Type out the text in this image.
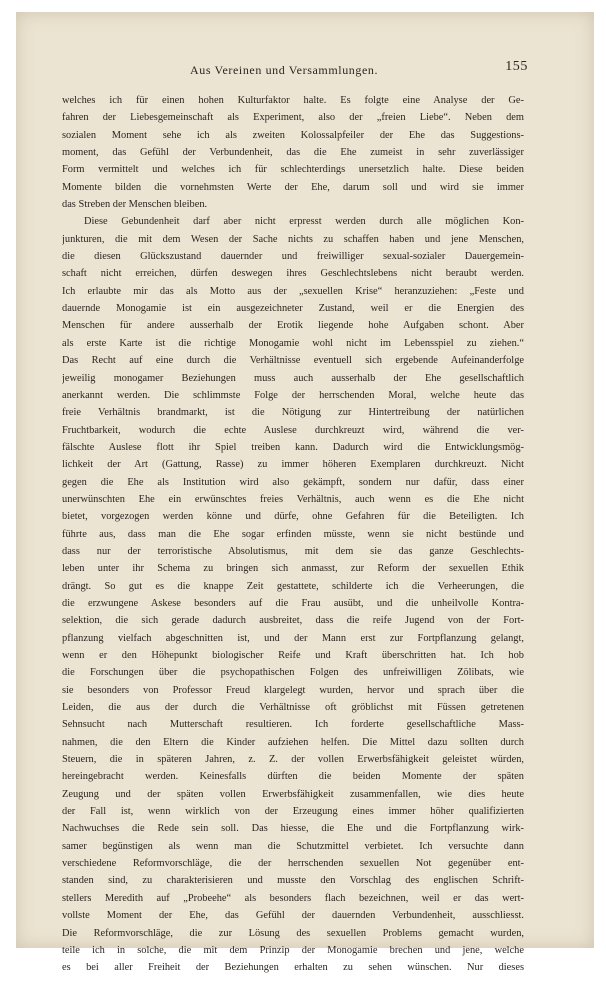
Aus Vereinen und Versammlungen.	155
welches ich für einen hohen Kulturfaktor halte. Es folgte eine Analyse der Ge-
fahren der Liebesgemeinschaft als Experiment, also der „freien Liebe“. Neben dem
sozialen Moment sehe ich als zweiten Kolossalpfeiler der Ehe das Suggestions-
moment, das Gefühl der Verbundenheit, das die Ehe zumeist in sehr zuverlässiger
Form vermittelt und welches ich für schlechterdings unersetzlich halte. Diese beiden
Momente bilden die vornehmsten Werte der Ehe, darum soll und wird sie immer
das Streben der Menschen bleiben.
Diese Gebundenheit darf aber nicht erpresst werden durch alle möglichen Kon-
junkturen, die mit dem Wesen der Sache nichts zu schaffen haben und jene Menschen,
die diesen Glückszustand dauernder und freiwilliger sexual-sozialer Dauergemein-
schaft nicht erreichen, dürfen deswegen ihres Geschlechtslebens nicht beraubt werden.
Ich erlaubte mir das als Motto aus der „sexuellen Krise“ heranzuziehen: „Feste und
dauernde Monogamie ist ein ausgezeichneter Zustand, weil er die Energien des
Menschen für andere ausserhalb der Erotik liegende hohe Aufgaben schont. Aber
als erste Karte ist die richtige Monogamie wohl nicht im Lebensspiel zu ziehen.“
Das Recht auf eine durch die Verhältnisse eventuell sich ergebende Aufeinanderfolge
jeweilig monogamer Beziehungen muss auch ausserhalb der Ehe gesellschaftlich
anerkannt werden. Die schlimmste Folge der herrschenden Moral, welche heute das
freie Verhältnis brandmarkt, ist die Nötigung zur Hintertreibung der natürlichen
Fruchtbarkeit, wodurch die echte Auslese durchkreuzt wird, während die ver-
fälschte Auslese flott ihr Spiel treiben kann. Dadurch wird die Entwicklungsmög-
lichkeit der Art (Gattung, Rasse) zu immer höheren Exemplaren durchkreuzt. Nicht
gegen die Ehe als Institution wird also gekämpft, sondern nur dafür, dass einer
unerwünschten Ehe ein erwünschtes freies Verhältnis, auch wenn es die Ehe nicht
bietet, vorgezogen werden könne und dürfe, ohne Gefahren für die Beteiligten. Ich
führte aus, dass man die Ehe sogar erfinden müsste, wenn sie nicht bestünde und
dass nur der terroristische Absolutismus, mit dem sie das ganze Geschlechts-
leben unter ihr Schema zu bringen sich anmasst, zur Reform der sexuellen Ethik
drängt. So gut es die knappe Zeit gestattete, schilderte ich die Verheerungen, die
die erzwungene Askese besonders auf die Frau ausübt, und die unheilvolle Kontra-
selektion, die sich gerade dadurch ausbreitet, dass die reife Jugend von der Fort-
pflanzung vielfach abgeschnitten ist, und der Mann erst zur Fortpflanzung gelangt,
wenn er den Höhepunkt biologischer Reife und Kraft überschritten hat. Ich hob
die Forschungen über die psychopathischen Folgen des unfreiwilligen Zölibats, wie
sie besonders von Professor Freud klargelegt wurden, hervor und sprach über die
Leiden, die aus der durch die Verhältnisse oft gröblichst mit Füssen getretenen
Sehnsucht nach Mutterschaft resultieren. Ich forderte gesellschaftliche Mass-
nahmen, die den Eltern die Kinder aufziehen helfen. Die Mittel dazu sollten durch
Steuern, die in späteren Jahren, z. Z. der vollen Erwerbsfähigkeit geleistet würden,
hereingebracht werden. Keinesfalls dürften die beiden Momente der späten
Zeugung und der späten vollen Erwerbsfähigkeit zusammenfallen, wie dies heute
der Fall ist, wenn wirklich von der Erzeugung eines immer höher qualifizierten
Nachwuchses die Rede sein soll. Das hiesse, die Ehe und die Fortpflanzung wirk-
samer begünstigen als wenn man die Schutzmittel verbietet. Ich versuchte dann
verschiedene Reformvorschläge, die der herrschenden sexuellen Not gegenüber ent-
standen sind, zu charakterisieren und musste den Vorschlag des englischen Schrift-
stellers Meredith auf „Probeehe“ als besonders flach bezeichnen, weil er das wert-
vollste Moment der Ehe, das Gefühl der dauernden Verbundenheit, ausschliesst.
Die Reformvorschläge, die zur Lösung des sexuellen Problems gemacht wurden,
teile ich in solche, die mit dem Prinzip der Monogamie brechen und jene, welche
es bei aller Freiheit der Beziehungen erhalten zu sehen wünschen. Nur dieses
